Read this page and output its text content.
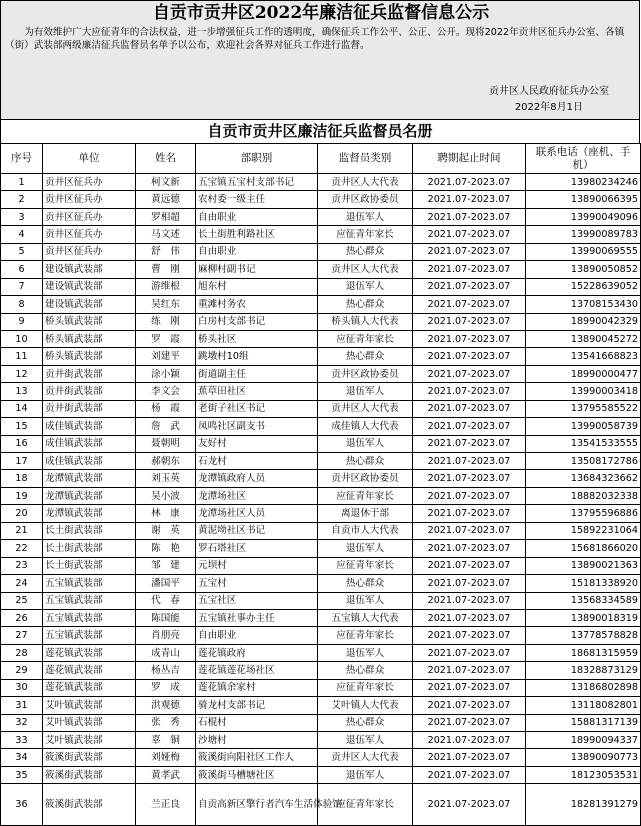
自贡市贡井区2022年廉洁征兵监督信息公示
为有效维护广大应征青年的合法权益，进一步增强征兵工作的透明度，确保征兵工作公平、公正、公开。现将2022年贡井区征兵办公室、各镇（街）武装部两级廉洁征兵监督员名单予以公布，欢迎社会各界对征兵工作进行监督。
贡井区人民政府征兵办公室
2022年8月1日
自贡市贡井区廉洁征兵监督员名册
序号	单位	姓名	部职别	监督员类别	聘期起止时间	联系电话（座机、手机）
1	贡井区征兵办	柯文新	五宝镇五宝村支部书记	贡井区人大代表	2021.07-2023.07	13980234246
2	贡井区征兵办	黄远德	农村委一级主任	贡井区政协委员	2021.07-2023.07	13890066395
3	贡井区征兵办	罗相超	自由职业	退伍军人	2021.07-2023.07	13990049096
4	贡井区征兵办	马文述	长土街胜利路社区	应征青年家长	2021.07-2023.07	13990089783
5	贡井区征兵办	舒　伟	自由职业	热心群众	2021.07-2023.07	13990069555
6	建设镇武装部	曹　刚	麻柳村副书记	贡井区人大代表	2021.07-2023.07	13890050852
7	建设镇武装部	游维根	旭东村	退伍军人	2021.07-2023.07	15228639052
8	建设镇武装部	吴红东	重滩村务农	热心群众	2021.07-2023.07	13708153430
9	桥头镇武装部	练　刚	白房村支部书记	桥头镇人大代表	2021.07-2023.07	18990042329
10	桥头镇武装部	罗　霞	桥头社区	应征青年家长	2021.07-2023.07	13890045272
11	桥头镇武装部	刘建平	跳墩村10组	热心群众	2021.07-2023.07	13541668823
12	贡井街武装部	涂小颖	街道副主任	贡井区政协委员	2021.07-2023.07	18990000477
13	贡井街武装部	李文会	蕉草田社区	退伍军人	2021.07-2023.07	13990003418
14	贡井街武装部	杨　霞	老街子社区书记	贡井区人大代表	2021.07-2023.07	13795585522
15	成佳镇武装部	詹　武	凤鸣社区副支书	成佳镇人大代表	2021.07-2023.07	13990058739
16	成佳镇武装部	聂朝明	友好村	退伍军人	2021.07-2023.07	13541533555
17	成佳镇武装部	郝朝东	石龙村	热心群众	2021.07-2023.07	13508172786
18	龙潭镇武装部	刘玉英	龙潭镇政府人员	贡井区政协委员	2021.07-2023.07	13684323662
19	龙潭镇武装部	吴小波	龙潭场社区	应征青年家长	2021.07-2023.07	18882032338
20	龙潭镇武装部	林　康	龙潭场社区人员	离退休干部	2021.07-2023.07	13795596886
21	长土街武装部	谢　英	黄泥坳社区书记	自贡市人大代表	2021.07-2023.07	15892231064
22	长土街武装部	陈　艳	罗石塔社区	退伍军人	2021.07-2023.07	15681866020
23	长土街武装部	邹　建	元坝村	应征青年家长	2021.07-2023.07	13890021363
24	五宝镇武装部	潘国平	五宝村	热心群众	2021.07-2023.07	15181338920
25	五宝镇武装部	代　春	五宝社区	退伍军人	2021.07-2023.07	13568334589
26	五宝镇武装部	陈国能	五宝镇社事办主任	五宝镇人大代表	2021.07-2023.07	13890018319
27	五宝镇武装部	肖朋亮	自由职业	应征青年家长	2021.07-2023.07	13778578828
28	莲花镇武装部	成青山	莲花镇政府	退伍军人	2021.07-2023.07	18681315959
29	莲花镇武装部	杨丛吉	莲花镇莲花场社区	热心群众	2021.07-2023.07	18328873129
30	莲花镇武装部	罗　成	莲花镇余家村	应征青年家长	2021.07-2023.07	13186802898
31	艾叶镇武装部	洪观德	骑龙村支部书记	艾叶镇人大代表	2021.07-2023.07	13118082801
32	艾叶镇武装部	张　秀	石棍村	热心群众	2021.07-2023.07	15881317139
33	艾叶镇武装部	辜　铜	沙塘村	退伍军人	2021.07-2023.07	18990094337
34	筱溪街武装部	刘娅梅	筱溪街向阳社区工作人	贡井区人大代表	2021.07-2023.07	13890090773
35	筱溪街武装部	黄孝武	筱溪街马槽塘社区	退伍军人	2021.07-2023.07	18123053531
36	筱溪街武装部	兰正良	自贡高新区擎行者汽车生活体验馆	应征青年家长	2021.07-2023.07	18281391279
